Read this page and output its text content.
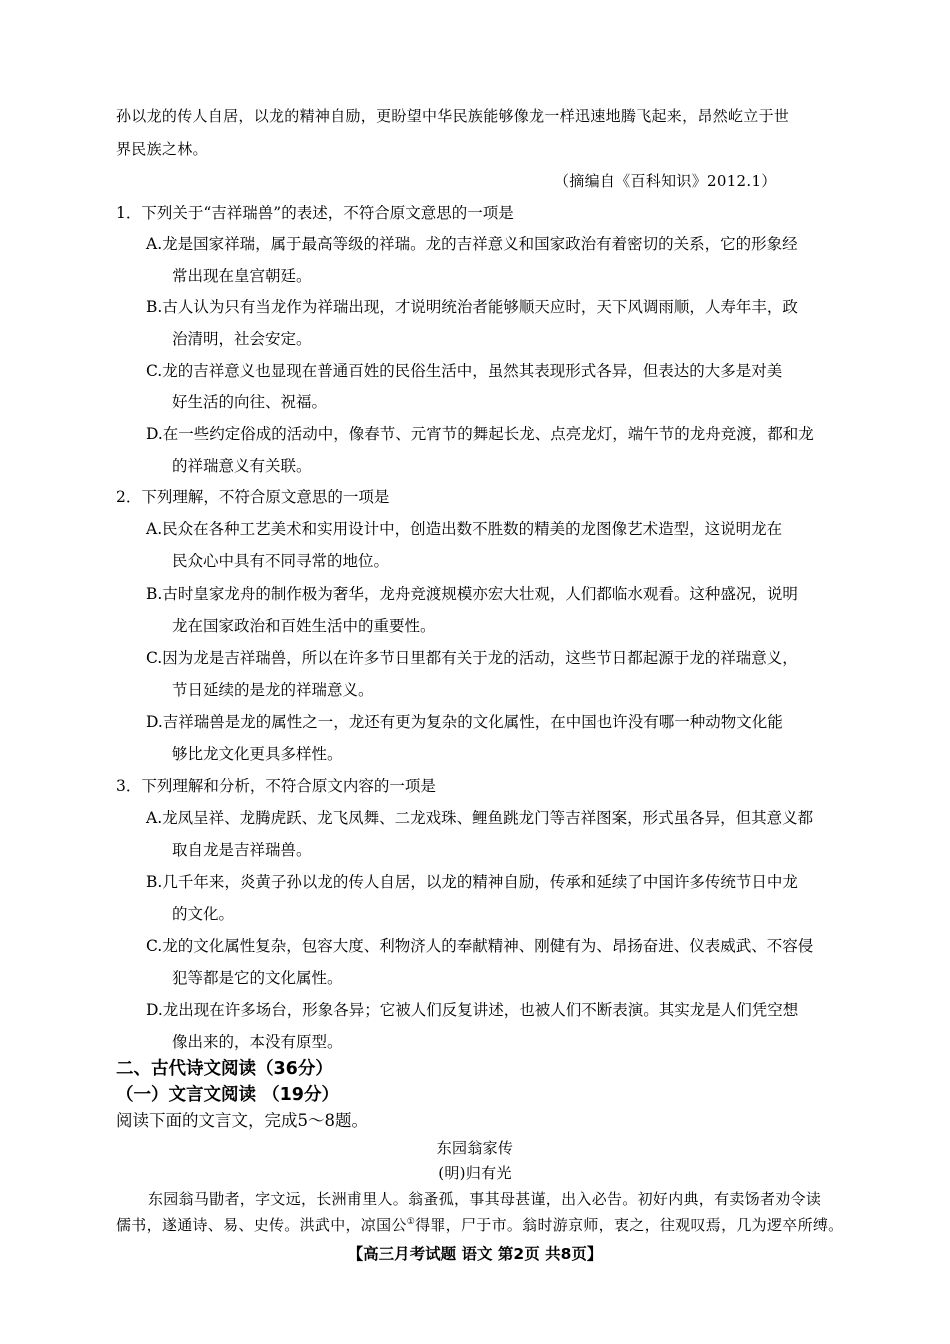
孙以龙的传人自居，以龙的精神自励，更盼望中华民族能够像龙一样迅速地腾飞起来，昂然屹立于世
界民族之林。
（摘编自《百科知识》2012.1）
1．下列关于“吉祥瑞兽”的表述，不符合原文意思的一项是
A.龙是国家祥瑞，属于最高等级的祥瑞。龙的吉祥意义和国家政治有着密切的关系，它的形象经
常出现在皇宫朝廷。
B.古人认为只有当龙作为祥瑞出现，才说明统治者能够顺天应时，天下风调雨顺，人寿年丰，政
治清明，社会安定。
C.龙的吉祥意义也显现在普通百姓的民俗生活中，虽然其表现形式各异，但表达的大多是对美
好生活的向往、祝福。
D.在一些约定俗成的活动中，像春节、元宵节的舞起长龙、点亮龙灯，端午节的龙舟竞渡，都和龙
的祥瑞意义有关联。
2．下列理解，不符合原文意思的一项是
A.民众在各种工艺美术和实用设计中，创造出数不胜数的精美的龙图像艺术造型，这说明龙在
民众心中具有不同寻常的地位。
B.古时皇家龙舟的制作极为奢华，龙舟竞渡规模亦宏大壮观，人们都临水观看。这种盛况，说明
龙在国家政治和百姓生活中的重要性。
C.因为龙是吉祥瑞兽，所以在许多节日里都有关于龙的活动，这些节日都起源于龙的祥瑞意义，
节日延续的是龙的祥瑞意义。
D.吉祥瑞兽是龙的属性之一，龙还有更为复杂的文化属性，在中国也许没有哪一种动物文化能
够比龙文化更具多样性。
3．下列理解和分析，不符合原文内容的一项是
A.龙凤呈祥、龙腾虎跃、龙飞凤舞、二龙戏珠、鲤鱼跳龙门等吉祥图案，形式虽各异，但其意义都
取自龙是吉祥瑞兽。
B.几千年来，炎黄子孙以龙的传人自居，以龙的精神自励，传承和延续了中国许多传统节日中龙
的文化。
C.龙的文化属性复杂，包容大度、利物济人的奉献精神、刚健有为、昂扬奋进、仪表威武、不容侵
犯等都是它的文化属性。
D.龙出现在许多场台，形象各异；它被人们反复讲述，也被人们不断表演。其实龙是人们凭空想
像出来的，本没有原型。
二、古代诗文阅读（36分）
（一）文言文阅读 （19分）
阅读下面的文言文，完成5～8题。
东园翁家传
(明)归有光
东园翁马勖者，字文远，长洲甫里人。翁蚤孤，事其母甚谨，出入必告。初好内典，有卖饧者劝令读
儒书，遂通诗、易、史传。洪武中，凉国公①得罪，尸于市。翁时游京师，衷之，往观叹焉，几为逻卒所缚。
【高三月考试题 语文 第2页 共8页】
